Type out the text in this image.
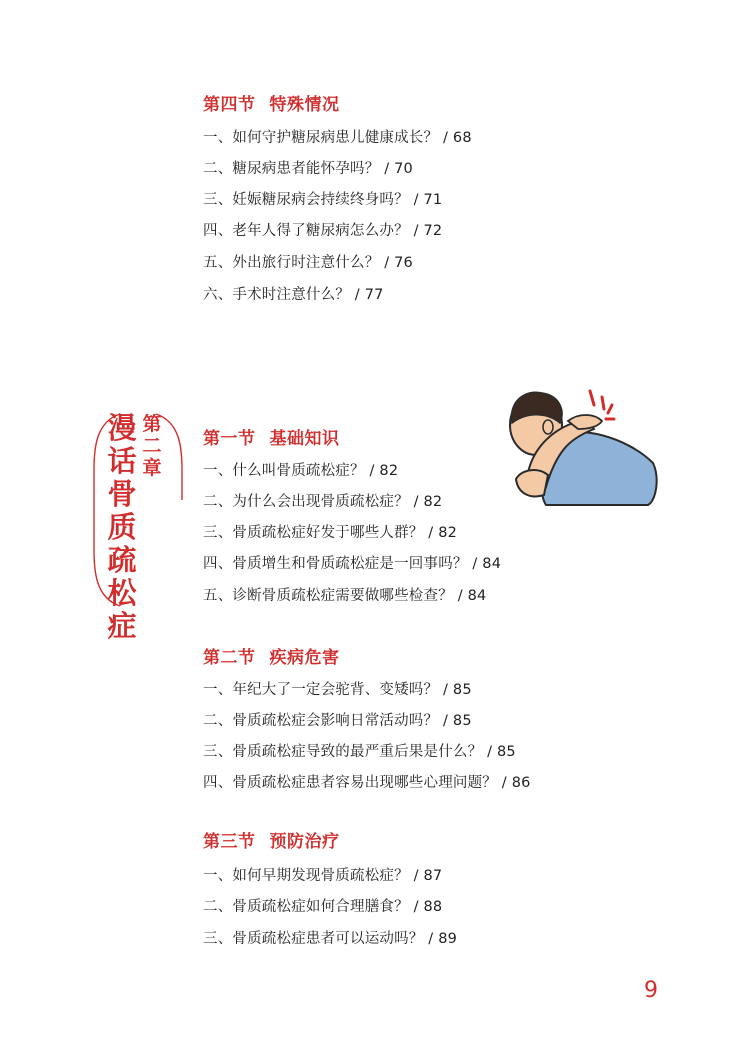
第四节 特殊情况
一、如何守护糖尿病患儿健康成长？ / 68
二、糖尿病患者能怀孕吗？ / 70
三、妊娠糖尿病会持续终身吗？ / 71
四、老年人得了糖尿病怎么办？ / 72
五、外出旅行时注意什么？ / 76
六、手术时注意什么？ / 77
漫
话
骨
质
疏
松
症
第
二
章
第一节 基础知识
一、什么叫骨质疏松症？ / 82
二、为什么会出现骨质疏松症？ / 82
三、骨质疏松症好发于哪些人群？ / 82
四、骨质增生和骨质疏松症是一回事吗？ / 84
五、诊断骨质疏松症需要做哪些检查？ / 84
第二节 疾病危害
一、年纪大了一定会驼背、变矮吗？ / 85
二、骨质疏松症会影响日常活动吗？ / 85
三、骨质疏松症导致的最严重后果是什么？ / 85
四、骨质疏松症患者容易出现哪些心理问题？ / 86
第三节 预防治疗
一、如何早期发现骨质疏松症？ / 87
二、骨质疏松症如何合理膳食？ / 88
三、骨质疏松症患者可以运动吗？ / 89
9
